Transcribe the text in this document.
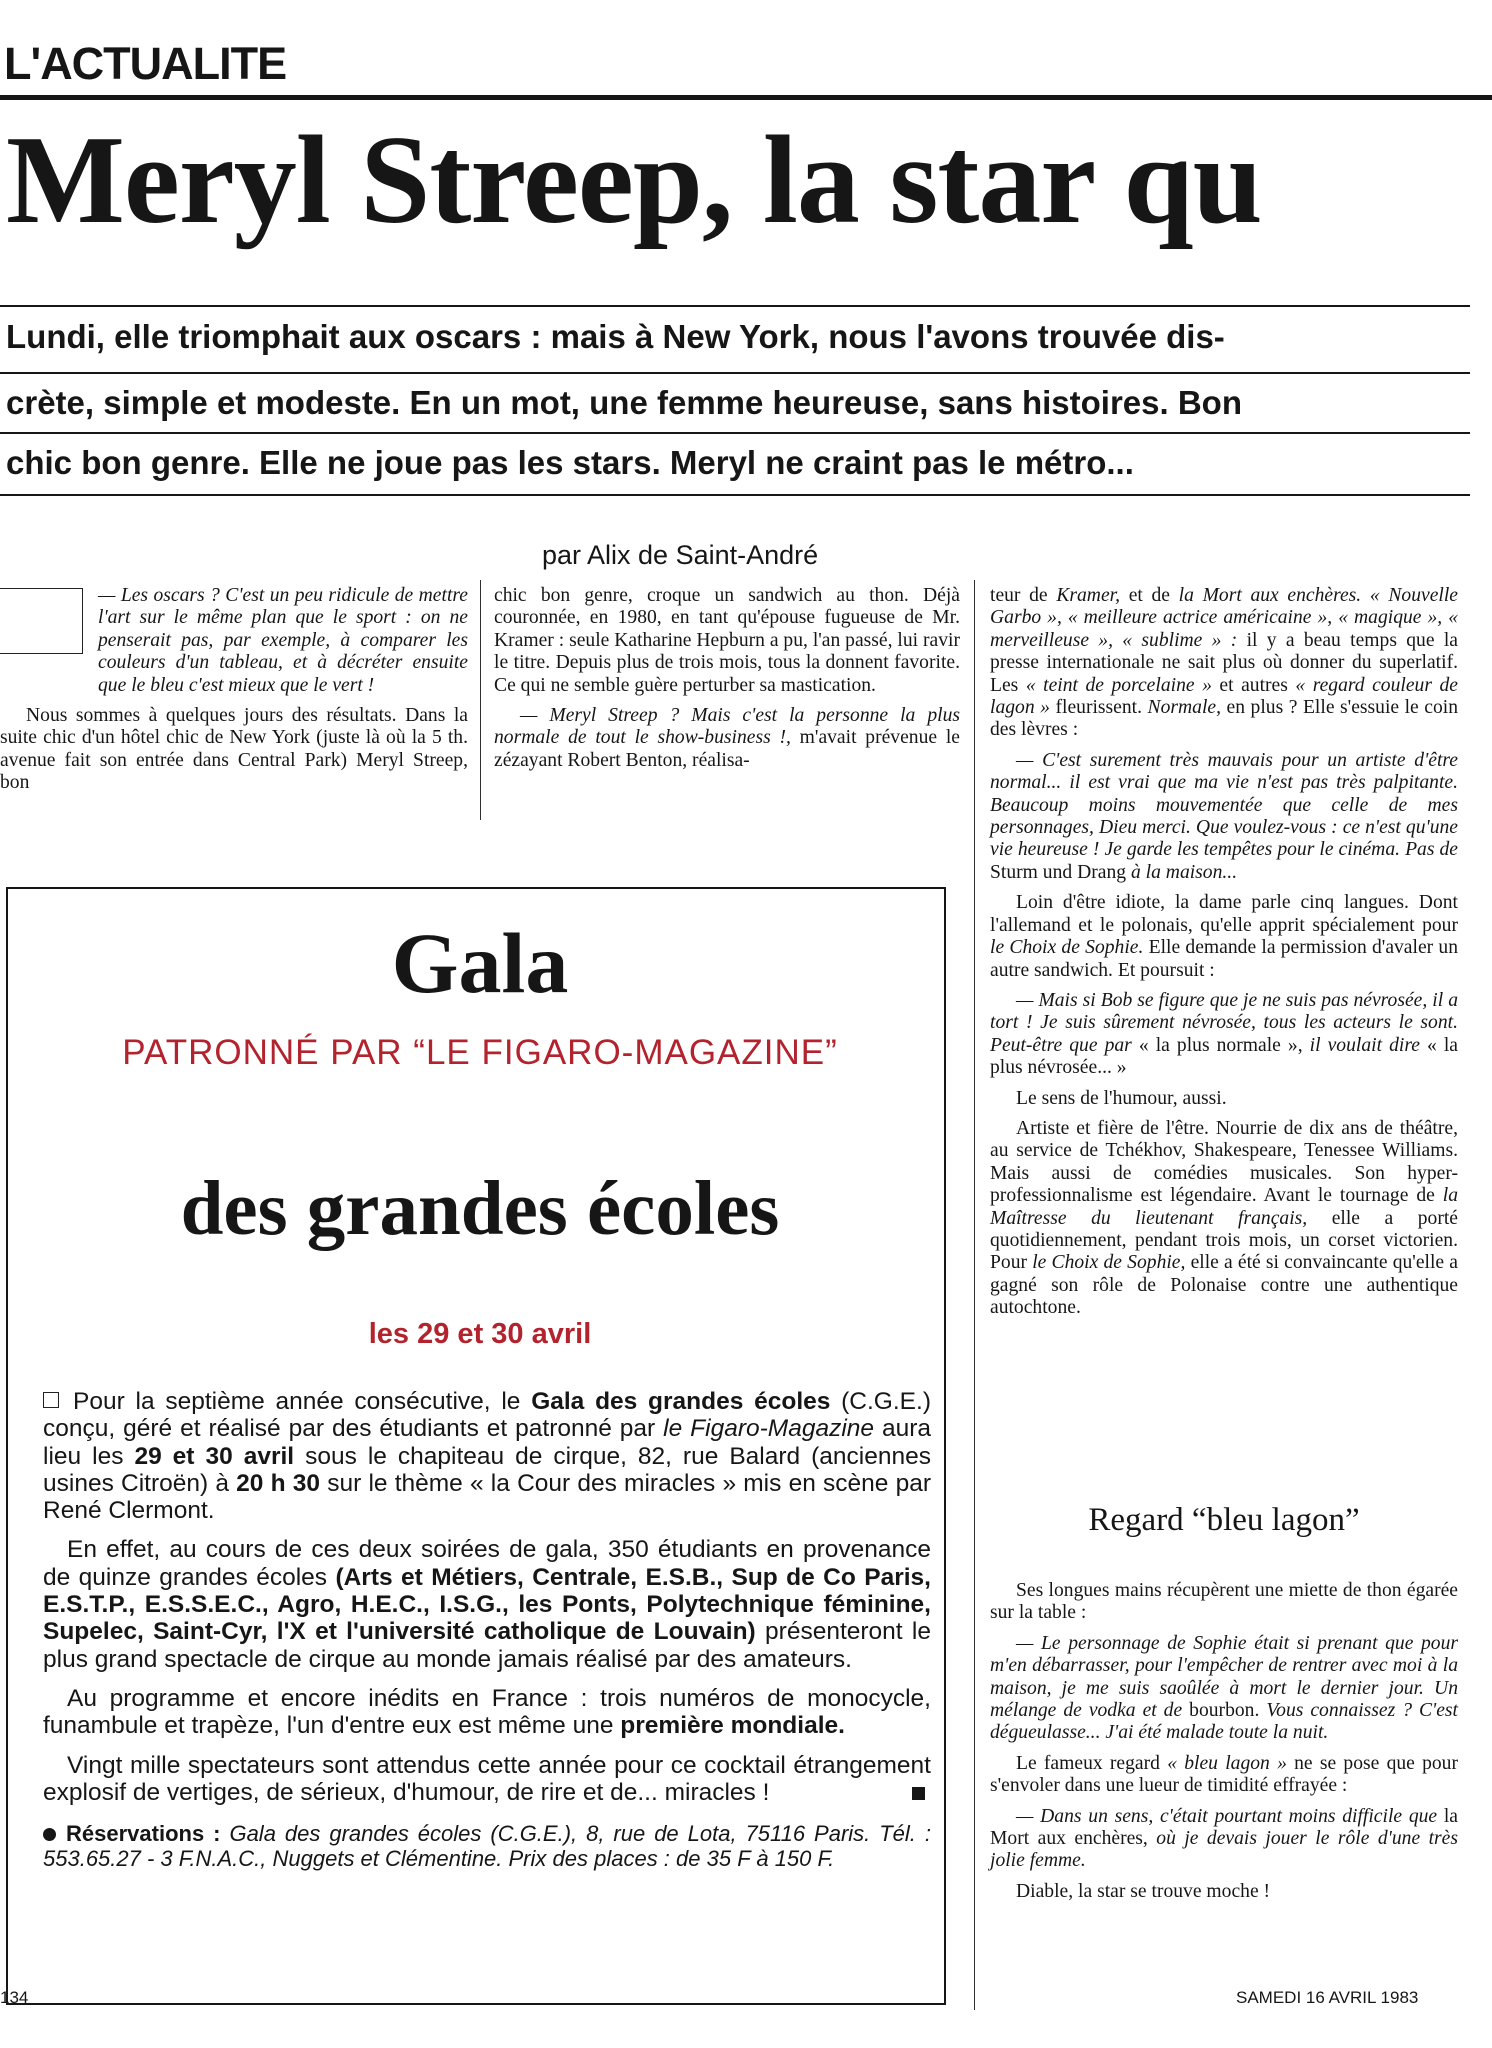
L'ACTUALITE
Meryl Streep, la star qu
Lundi, elle triomphait aux oscars : mais à New York, nous l'avons trouvée dis-
crète, simple et modeste. En un mot, une femme heureuse, sans histoires. Bon
chic bon genre. Elle ne joue pas les stars. Meryl ne craint pas le métro...
par Alix de Saint-André

— Les oscars ? C'est un peu ridicule de mettre l'art sur le même plan que le sport : on ne penserait pas, par exemple, à comparer les couleurs d'un tableau, et à décréter ensuite que le bleu c'est mieux que le vert !

Nous sommes à quelques jours des résultats. Dans la suite chic d'un hôtel chic de New York (juste là où la 5 th. avenue fait son entrée dans Central Park) Meryl Streep, bon

chic bon genre, croque un sandwich au thon. Déjà couronnée, en 1980, en tant qu'épouse fugueuse de Mr. Kramer : seule Katharine Hepburn a pu, l'an passé, lui ravir le titre. Depuis plus de trois mois, tous la donnent favorite. Ce qui ne semble guère perturber sa mastication.

— Meryl Streep ? Mais c'est la personne la plus normale de tout le show-business !, m'avait prévenue le zézayant Robert Benton, réalisa-

teur de Kramer, et de la Mort aux enchères. « Nouvelle Garbo », « meilleure actrice américaine », « magique », « merveilleuse », « sublime » : il y a beau temps que la presse internationale ne sait plus où donner du superlatif. Les « teint de porcelaine » et autres « regard couleur de lagon » fleurissent. Normale, en plus ? Elle s'essuie le coin des lèvres :

— C'est surement très mauvais pour un artiste d'être normal... il est vrai que ma vie n'est pas très palpitante. Beaucoup moins mouvementée que celle de mes personnages, Dieu merci. Que voulez-vous : ce n'est qu'une vie heureuse ! Je garde les tempêtes pour le cinéma. Pas de Sturm und Drang à la maison...

Loin d'être idiote, la dame parle cinq langues. Dont l'allemand et le polonais, qu'elle apprit spécialement pour le Choix de Sophie. Elle demande la permission d'avaler un autre sandwich. Et poursuit :

— Mais si Bob se figure que je ne suis pas névrosée, il a tort ! Je suis sûrement névrosée, tous les acteurs le sont. Peut-être que par « la plus normale », il voulait dire « la plus névrosée... »

Le sens de l'humour, aussi.

Artiste et fière de l'être. Nourrie de dix ans de théâtre, au service de Tchékhov, Shakespeare, Tenessee Williams. Mais aussi de comédies musicales. Son hyper-professionnalisme est légendaire. Avant le tournage de la Maîtresse du lieutenant français, elle a porté quotidiennement, pendant trois mois, un corset victorien. Pour le Choix de Sophie, elle a été si convaincante qu'elle a gagné son rôle de Polonaise contre une authentique autochtone.

Regard “bleu lagon”

Ses longues mains récupèrent une miette de thon égarée sur la table :

— Le personnage de Sophie était si prenant que pour m'en débarrasser, pour l'empêcher de rentrer avec moi à la maison, je me suis saoûlée à mort le dernier jour. Un mélange de vodka et de bourbon. Vous connaissez ? C'est dégueulasse... J'ai été malade toute la nuit.

Le fameux regard « bleu lagon » ne se pose que pour s'envoler dans une lueur de timidité effrayée :

— Dans un sens, c'était pourtant moins difficile que la Mort aux enchères, où je devais jouer le rôle d'une très jolie femme.

Diable, la star se trouve moche !

Gala
PATRONNÉ PAR “LE FIGARO-MAGAZINE”
des grandes écoles
les 29 et 30 avril

Pour la septième année consécutive, le Gala des grandes écoles (C.G.E.) conçu, géré et réalisé par des étudiants et patronné par le Figaro-Magazine aura lieu les 29 et 30 avril sous le chapiteau de cirque, 82, rue Balard (anciennes usines Citroën) à 20 h 30 sur le thème « la Cour des miracles » mis en scène par René Clermont.

En effet, au cours de ces deux soirées de gala, 350 étudiants en provenance de quinze grandes écoles (Arts et Métiers, Centrale, E.S.B., Sup de Co Paris, E.S.T.P., E.S.S.E.C., Agro, H.E.C., I.S.G., les Ponts, Polytechnique féminine, Supelec, Saint-Cyr, l'X et l'université catholique de Louvain) présenteront le plus grand spectacle de cirque au monde jamais réalisé par des amateurs.

Au programme et encore inédits en France : trois numéros de monocycle, funambule et trapèze, l'un d'entre eux est même une première mondiale.

Vingt mille spectateurs sont attendus cette année pour ce cocktail étrangement explosif de vertiges, de sérieux, d'humour, de rire et de... miracles !

Réservations : Gala des grandes écoles (C.G.E.), 8, rue de Lota, 75116 Paris. Tél. : 553.65.27 - 3 F.N.A.C., Nuggets et Clémentine. Prix des places : de 35 F à 150 F.

134	SAMEDI 16 AVRIL 1983
